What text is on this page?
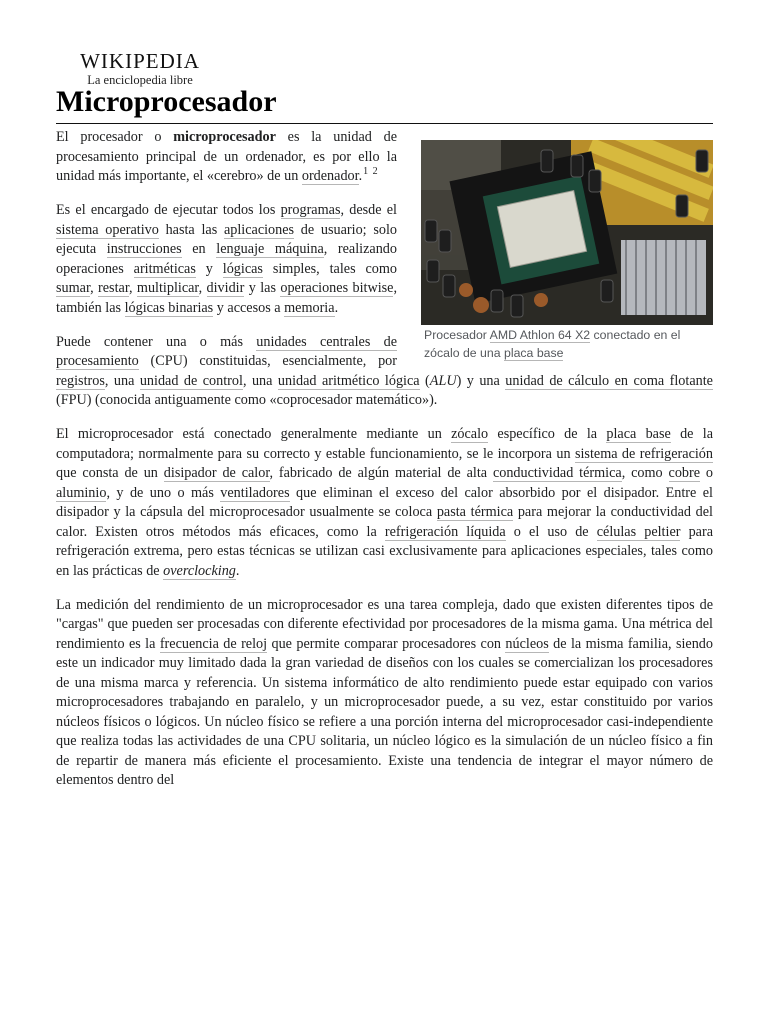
WIKIPEDIA
La enciclopedia libre
Microprocesador
Procesador AMD Athlon 64 X2 conectado en el zócalo de una placa base

El procesador o microprocesador es la unidad de procesamiento principal de un ordenador, es por ello la unidad más importante, el «cerebro» de un ordenador.$^1$ $^2$

Es el encargado de ejecutar todos los programas, desde el sistema operativo hasta las aplicaciones de usuario; solo ejecuta instrucciones en lenguaje máquina, realizando operaciones aritméticas y lógicas simples, tales como sumar, restar, multiplicar, dividir y las operaciones bitwise, también las lógicas binarias y accesos a memoria.

Puede contener una o más unidades centrales de procesamiento (CPU) constituidas, esencialmente, por registros, una unidad de control, una unidad aritmético lógica (ALU) y una unidad de cálculo en coma flotante (FPU) (conocida antiguamente como «coprocesador matemático»).

El microprocesador está conectado generalmente mediante un zócalo específico de la placa base de la computadora; normalmente para su correcto y estable funcionamiento, se le incorpora un sistema de refrigeración que consta de un disipador de calor, fabricado de algún material de alta conductividad térmica, como cobre o aluminio, y de uno o más ventiladores que eliminan el exceso del calor absorbido por el disipador. Entre el disipador y la cápsula del microprocesador usualmente se coloca pasta térmica para mejorar la conductividad del calor. Existen otros métodos más eficaces, como la refrigeración líquida o el uso de células peltier para refrigeración extrema, pero estas técnicas se utilizan casi exclusivamente para aplicaciones especiales, tales como en las prácticas de overclocking.

La medición del rendimiento de un microprocesador es una tarea compleja, dado que existen diferentes tipos de "cargas" que pueden ser procesadas con diferente efectividad por procesadores de la misma gama. Una métrica del rendimiento es la frecuencia de reloj que permite comparar procesadores con núcleos de la misma familia, siendo este un indicador muy limitado dada la gran variedad de diseños con los cuales se comercializan los procesadores de una misma marca y referencia. Un sistema informático de alto rendimiento puede estar equipado con varios microprocesadores trabajando en paralelo, y un microprocesador puede, a su vez, estar constituido por varios núcleos físicos o lógicos. Un núcleo físico se refiere a una porción interna del microprocesador casi-independiente que realiza todas las actividades de una CPU solitaria, un núcleo lógico es la simulación de un núcleo físico a fin de repartir de manera más eficiente el procesamiento. Existe una tendencia de integrar el mayor número de elementos dentro del
